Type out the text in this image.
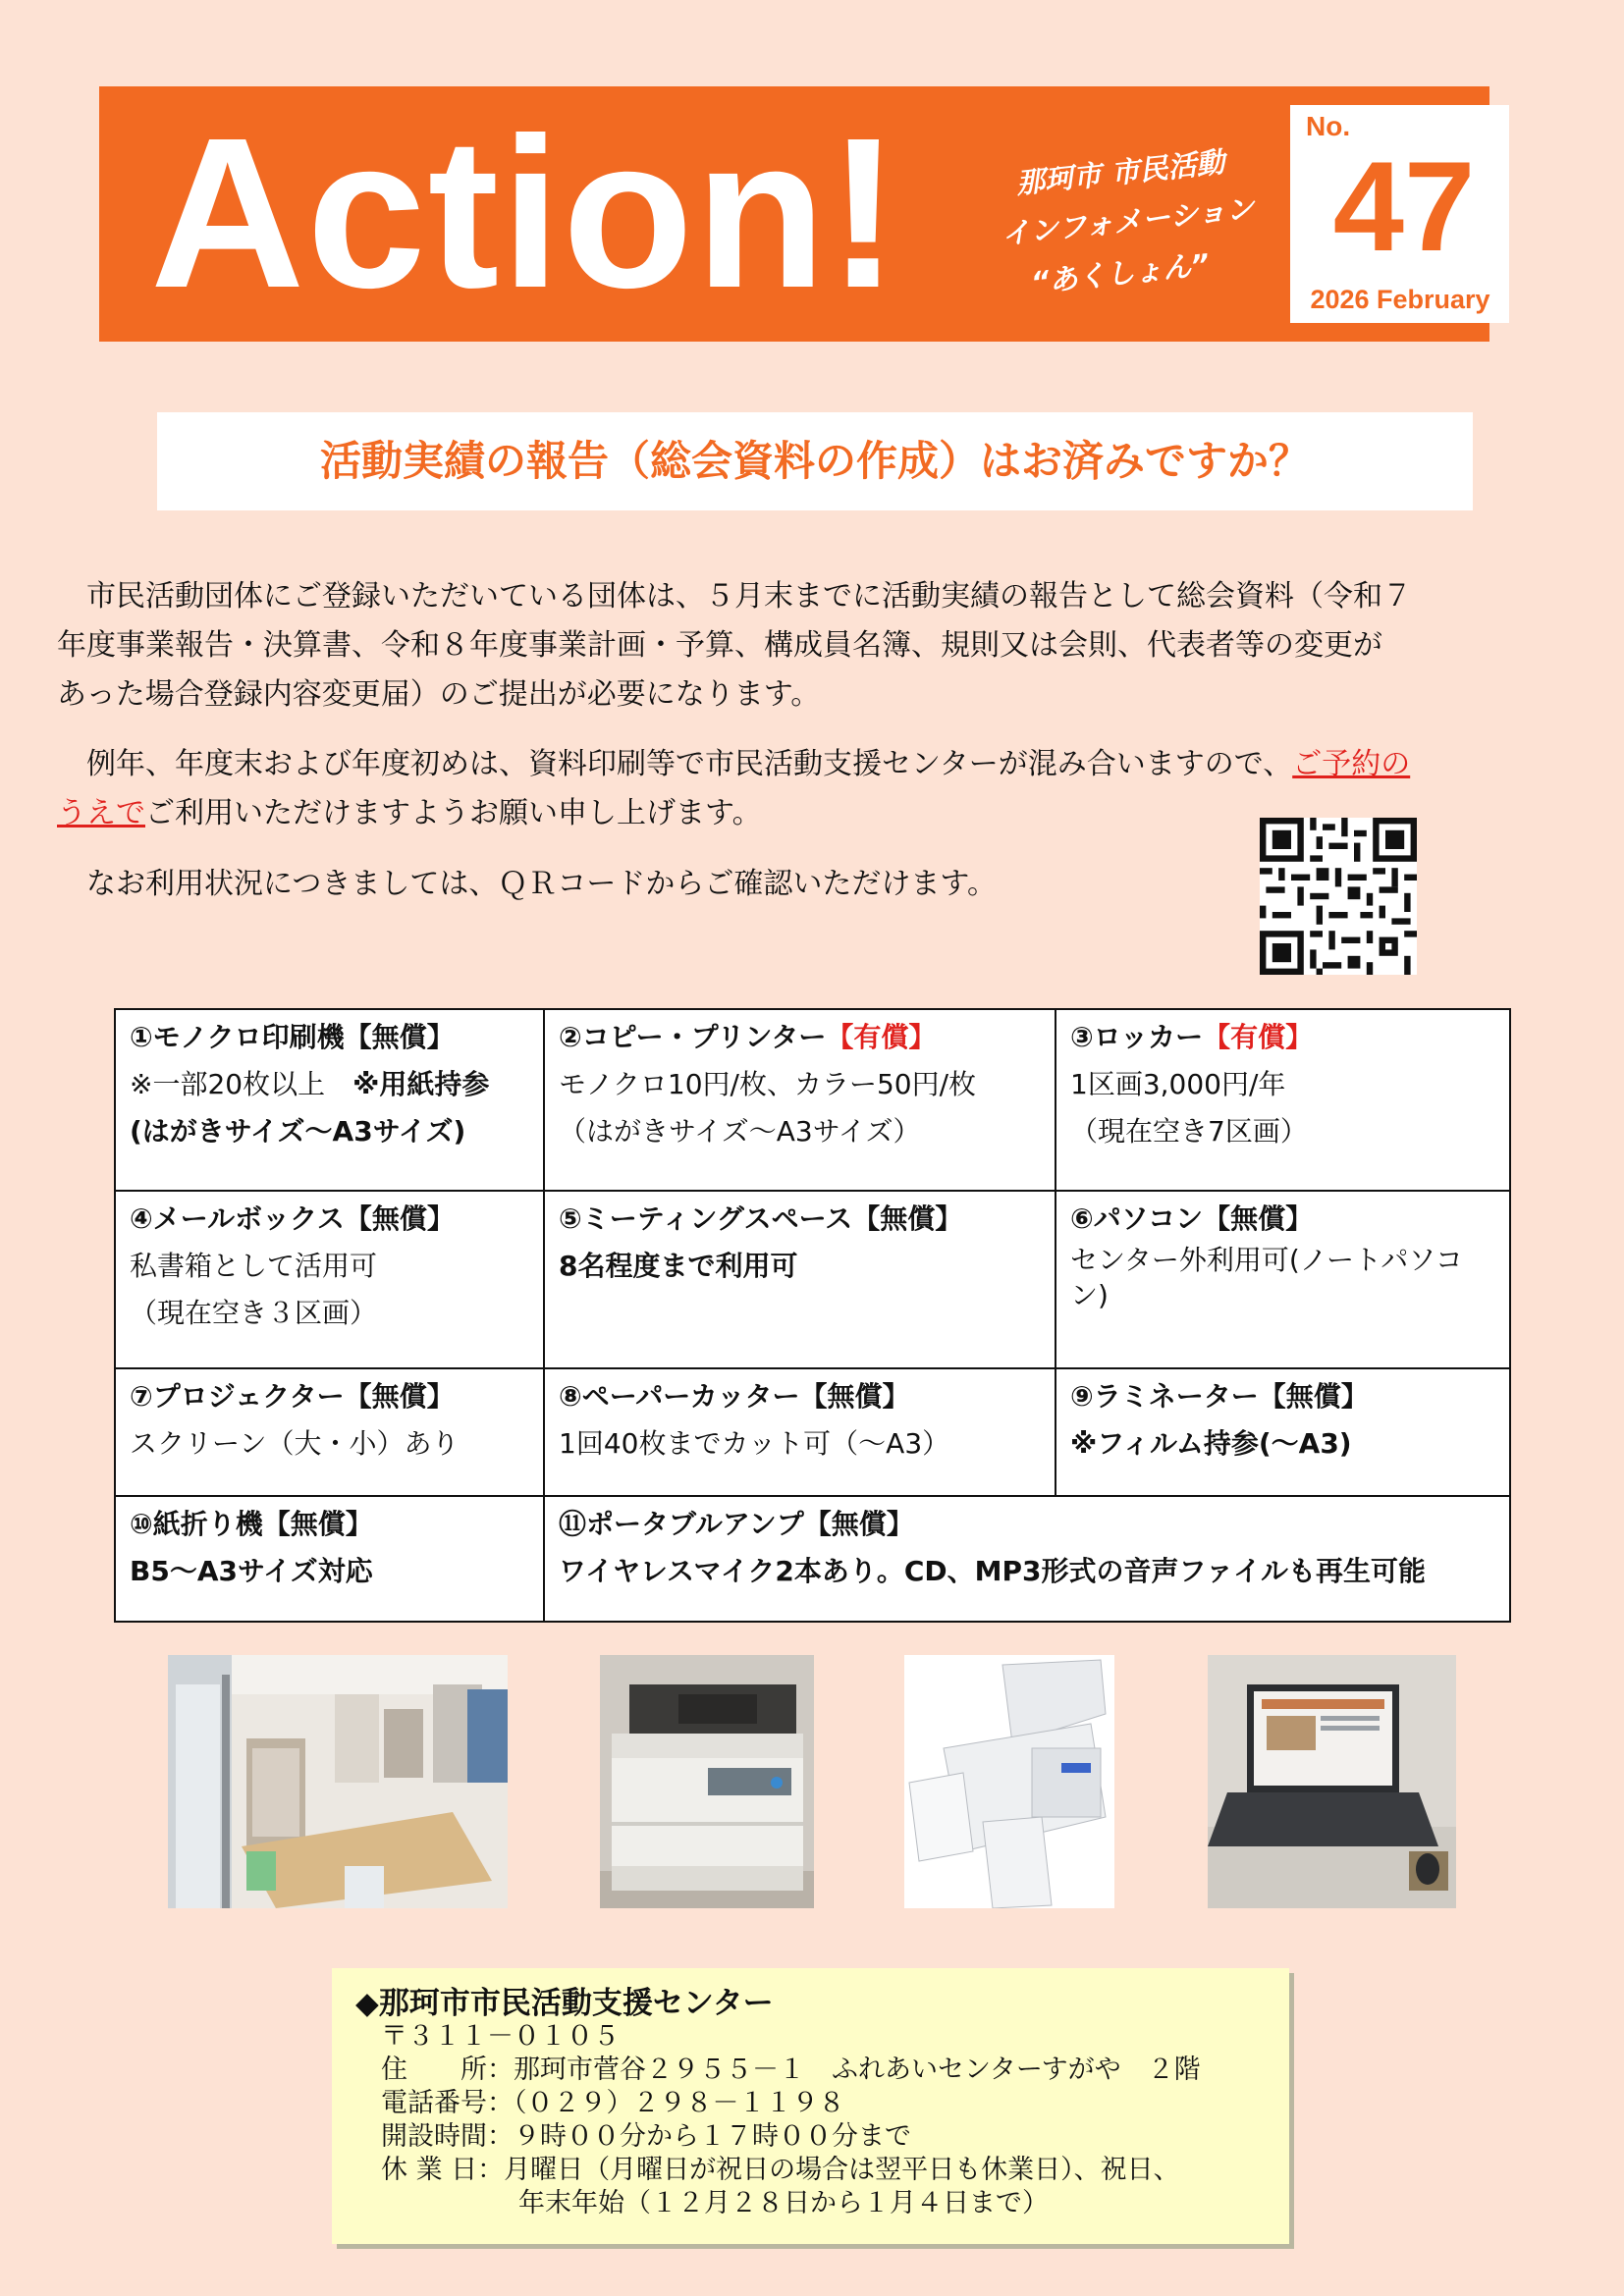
Action!	那珂市 市民活動
インフォメーション
“あくしょん”
No.
47
2026 February
活動実績の報告（総会資料の作成）はお済みですか？
　市民活動団体にご登録いただいている団体は、５月末までに活動実績の報告として総会資料（令和７
年度事業報告・決算書、令和８年度事業計画・予算、構成員名簿、規則又は会則、代表者等の変更が
あった場合登録内容変更届）のご提出が必要になります。
　例年、年度末および年度初めは、資料印刷等で市民活動支援センターが混み合いますので、ご予約の
うえでご利用いただけますようお願い申し上げます。
　なお利用状況につきましては、ＱＲコードからご確認いただけます。
①モノクロ印刷機【無償】
※一部20枚以上　※用紙持参
(はがきサイズ～A3サイズ)
②コピー・プリンター【有償】
モノクロ10円/枚、カラー50円/枚
（はがきサイズ～A3サイズ）
③ロッカー【有償】
1区画3,000円/年
（現在空き7区画）
④メールボックス【無償】
私書箱として活用可
（現在空き３区画）
⑤ミーティングスペース【無償】
8名程度まで利用可
⑥パソコン【無償】
センター外利用可(ノートパソコ
ン)
⑦プロジェクター【無償】
スクリーン（大・小）あり
⑧ペーパーカッター【無償】
1回40枚までカット可（～A3）
⑨ラミネーター【無償】
※フィルム持参(～A3)
⑩紙折り機【無償】
B5～A3サイズ対応
⑪ポータブルアンプ【無償】
ワイヤレスマイク2本あり。CD、MP3形式の音声ファイルも再生可能
◆那珂市市民活動支援センター
〒３１１－０１０５
住　　所：那珂市菅谷２９５５－１　ふれあいセンターすがや　２階
電話番号：（０２９）２９８－１１９８
開設時間：９時００分から１７時００分まで
休 業 日：月曜日（月曜日が祝日の場合は翌平日も休業日）、祝日、
年末年始（１２月２８日から１月４日まで）
